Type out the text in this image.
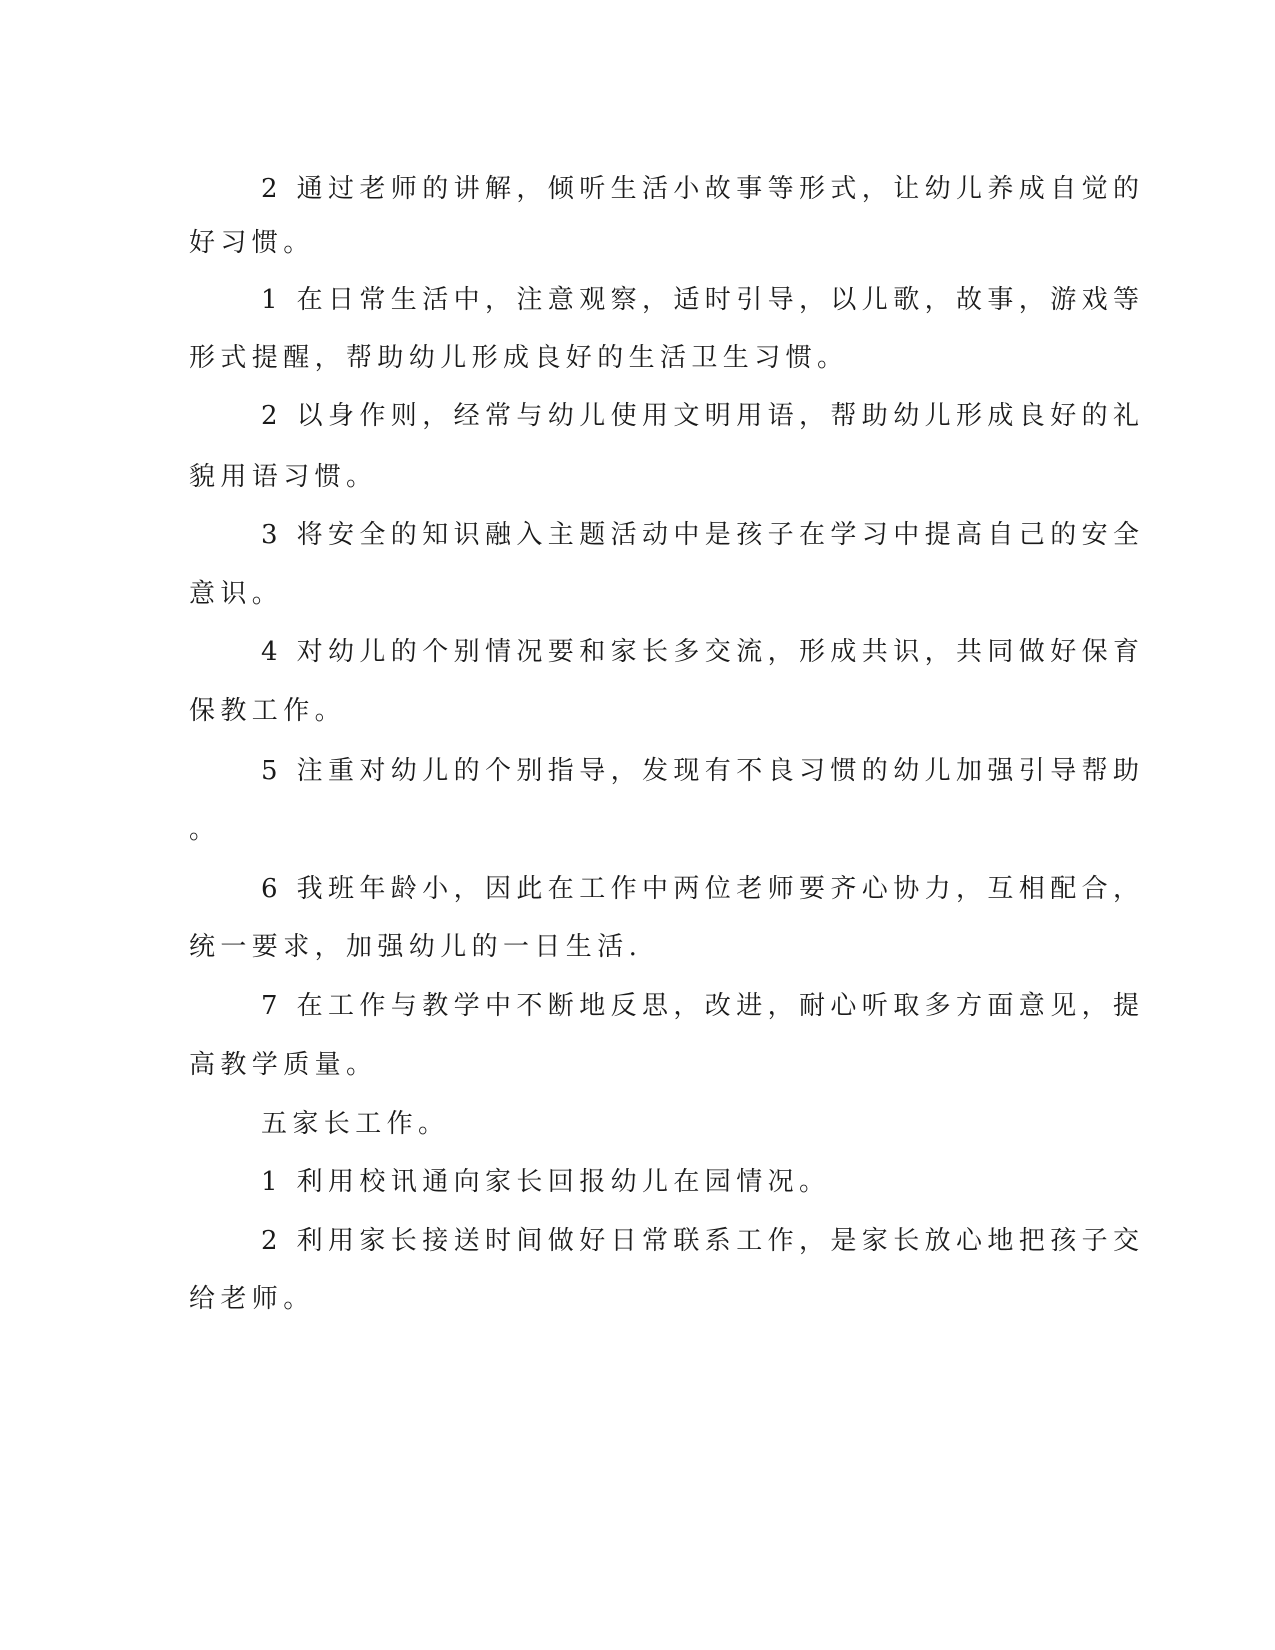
2 通过老师的讲解，倾听生活小故事等形式，让幼儿养成自觉的
好习惯。
1 在日常生活中，注意观察，适时引导，以儿歌，故事，游戏等
形式提醒，帮助幼儿形成良好的生活卫生习惯。
2 以身作则，经常与幼儿使用文明用语，帮助幼儿形成良好的礼
貌用语习惯。
3 将安全的知识融入主题活动中是孩子在学习中提高自己的安全
意识。
4 对幼儿的个别情况要和家长多交流，形成共识，共同做好保育
保教工作。
5 注重对幼儿的个别指导，发现有不良习惯的幼儿加强引导帮助
。
6 我班年龄小，因此在工作中两位老师要齐心协力，互相配合，
统一要求，加强幼儿的一日生活.
7 在工作与教学中不断地反思，改进，耐心听取多方面意见，提
高教学质量。
五家长工作。
1 利用校讯通向家长回报幼儿在园情况。
2 利用家长接送时间做好日常联系工作，是家长放心地把孩子交
给老师。
